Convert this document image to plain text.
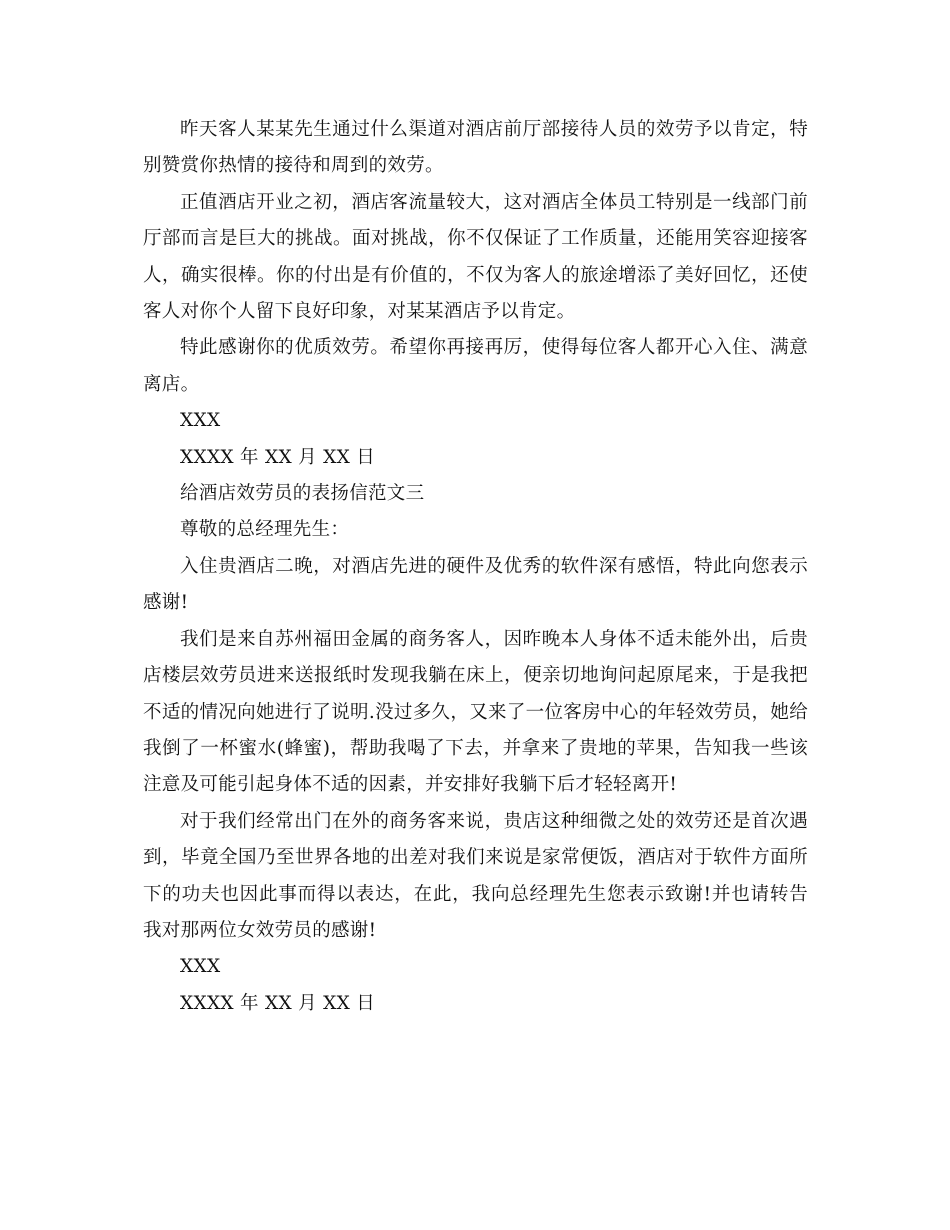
昨天客人某某先生通过什么渠道对酒店前厅部接待人员的效劳予以肯定，特别赞赏你热情的接待和周到的效劳。

正值酒店开业之初，酒店客流量较大，这对酒店全体员工特别是一线部门前厅部而言是巨大的挑战。面对挑战，你不仅保证了工作质量，还能用笑容迎接客人，确实很棒。你的付出是有价值的，不仅为客人的旅途增添了美好回忆，还使客人对你个人留下良好印象，对某某酒店予以肯定。

特此感谢你的优质效劳。希望你再接再厉，使得每位客人都开心入住、满意离店。

XXX

XXXX 年 XX 月 XX 日

给酒店效劳员的表扬信范文三

尊敬的总经理先生：

入住贵酒店二晚，对酒店先进的硬件及优秀的软件深有感悟，特此向您表示感谢!

我们是来自苏州福田金属的商务客人，因昨晚本人身体不适未能外出，后贵店楼层效劳员进来送报纸时发现我躺在床上，便亲切地询问起原尾来，于是我把不适的情况向她进行了说明.没过多久，又来了一位客房中心的年轻效劳员，她给我倒了一杯蜜水(蜂蜜)，帮助我喝了下去，并拿来了贵地的苹果，告知我一些该注意及可能引起身体不适的因素，并安排好我躺下后才轻轻离开!

对于我们经常出门在外的商务客来说，贵店这种细微之处的效劳还是首次遇到，毕竟全国乃至世界各地的出差对我们来说是家常便饭，酒店对于软件方面所下的功夫也因此事而得以表达，在此，我向总经理先生您表示致谢!并也请转告我对那两位女效劳员的感谢!

XXX

XXXX 年 XX 月 XX 日
